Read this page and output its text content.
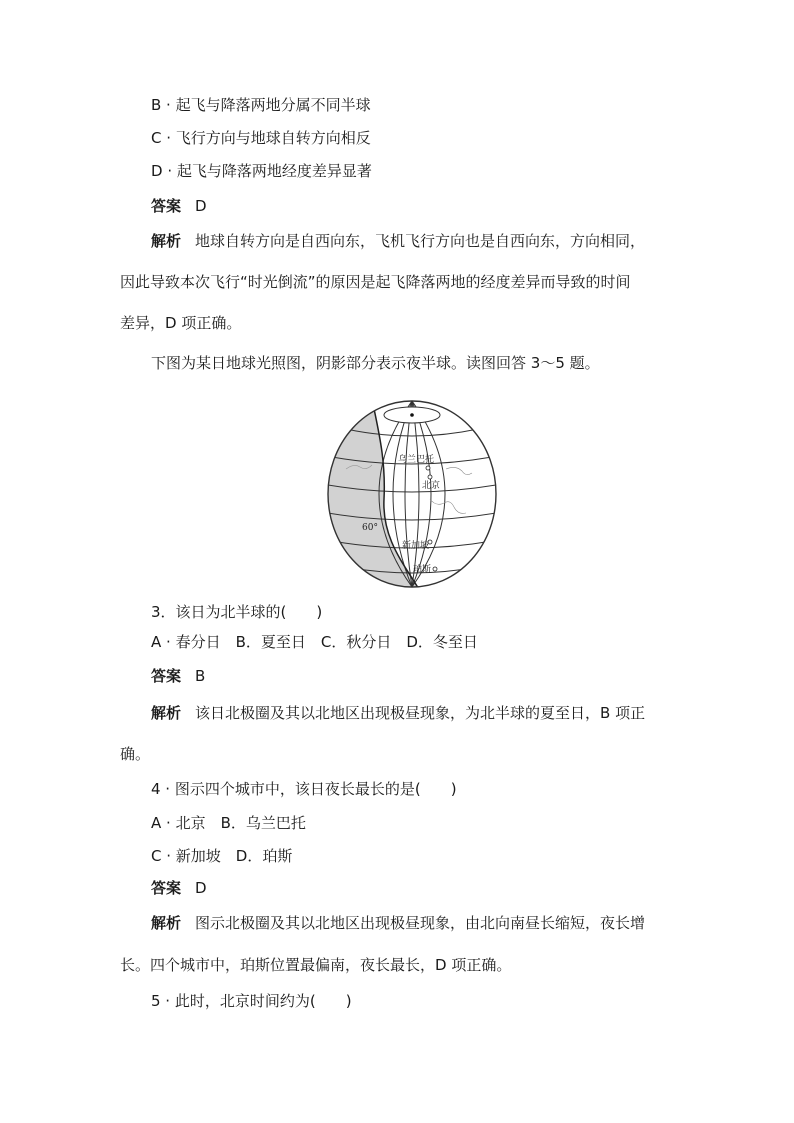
B · 起飞与降落两地分属不同半球
C · 飞行方向与地球自转方向相反
D · 起飞与降落两地经度差异显著
答案 D
解析 地球自转方向是自西向东，飞机飞行方向也是自西向东，方向相同，
因此导致本次飞行“时光倒流”的原因是起飞降落两地的经度差异而导致的时间
差异，D 项正确。
下图为某日地球光照图，阴影部分表示夜半球。读图回答 3～5 题。
乌兰巴托
北京
60°
新加坡
珀斯
3．该日为北半球的(　　)
A · 春分日　B．夏至日　C．秋分日　D．冬至日
答案 B
解析 该日北极圈及其以北地区出现极昼现象，为北半球的夏至日，B 项正
确。
4 · 图示四个城市中，该日夜长最长的是(　　)
A · 北京　B．乌兰巴托
C · 新加坡　D．珀斯
答案 D
解析 图示北极圈及其以北地区出现极昼现象，由北向南昼长缩短，夜长增
长。四个城市中，珀斯位置最偏南，夜长最长，D 项正确。
5 · 此时，北京时间约为(　　)
